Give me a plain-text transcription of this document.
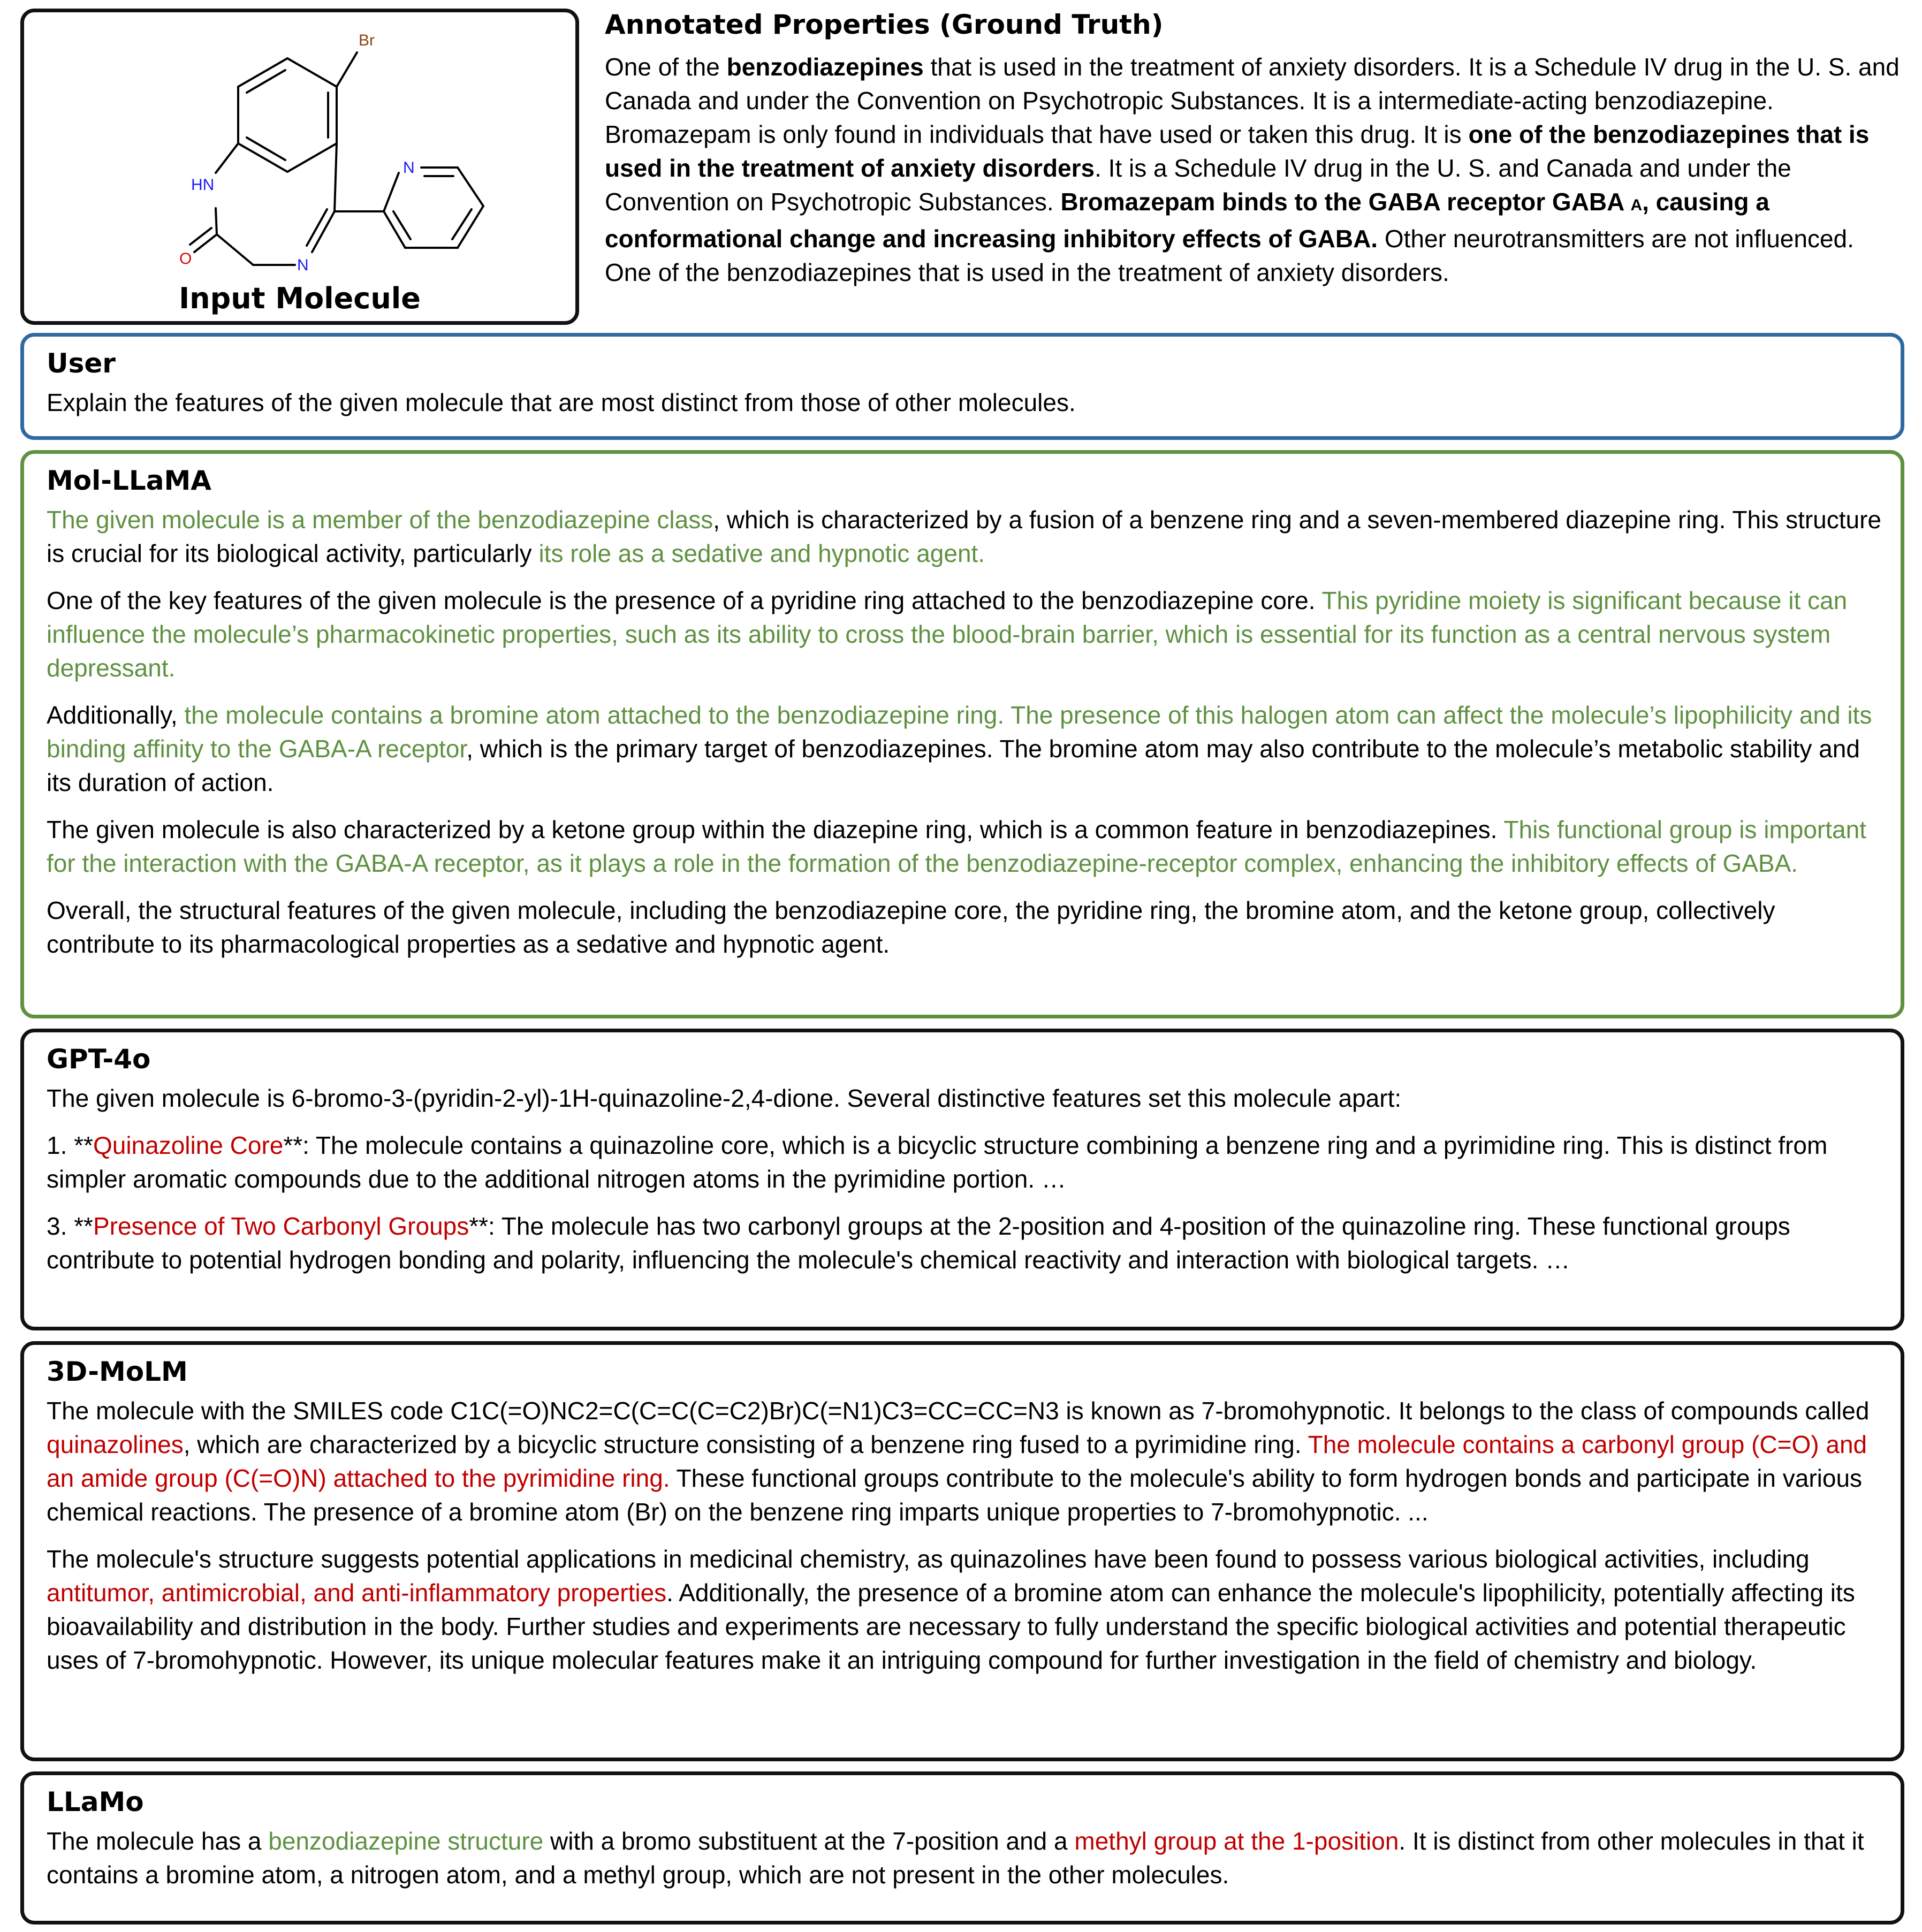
Br
HN
O	N
N
Input Molecule
Annotated Properties (Ground Truth)
One of the benzodiazepines that is used in the treatment of anxiety disorders. It is a Schedule IV drug in the U. S. and Canada and under the Convention on Psychotropic Substances. It is a intermediate-acting benzodiazepine. Bromazepam is only found in individuals that have used or taken this drug. It is one of the benzodiazepines that is used in the treatment of anxiety disorders. It is a Schedule IV drug in the U. S. and Canada and under the Convention on Psychotropic Substances. Bromazepam binds to the GABA receptor GABA A, causing a conformational change and increasing inhibitory effects of GABA. Other neurotransmitters are not influenced. One of the benzodiazepines that is used in the treatment of anxiety disorders.
User
Explain the features of the given molecule that are most distinct from those of other molecules.
Mol-LLaMA

The given molecule is a member of the benzodiazepine class, which is characterized by a fusion of a benzene ring and a seven-membered diazepine ring. This structure is crucial for its biological activity, particularly its role as a sedative and hypnotic agent.

One of the key features of the given molecule is the presence of a pyridine ring attached to the benzodiazepine core. This pyridine moiety is significant because it can influence the molecule’s pharmacokinetic properties, such as its ability to cross the blood-brain barrier, which is essential for its function as a central nervous system depressant.

Additionally, the molecule contains a bromine atom attached to the benzodiazepine ring. The presence of this halogen atom can affect the molecule’s lipophilicity and its binding affinity to the GABA-A receptor, which is the primary target of benzodiazepines. The bromine atom may also contribute to the molecule’s metabolic stability and its duration of action.

The given molecule is also characterized by a ketone group within the diazepine ring, which is a common feature in benzodiazepines. This functional group is important for the interaction with the GABA-A receptor, as it plays a role in the formation of the benzodiazepine-receptor complex, enhancing the inhibitory effects of GABA.

Overall, the structural features of the given molecule, including the benzodiazepine core, the pyridine ring, the bromine atom, and the ketone group, collectively contribute to its pharmacological properties as a sedative and hypnotic agent.

GPT-4o

The given molecule is 6-bromo-3-(pyridin-2-yl)-1H-quinazoline-2,4-dione. Several distinctive features set this molecule apart:

1. **Quinazoline Core**: The molecule contains a quinazoline core, which is a bicyclic structure combining a benzene ring and a pyrimidine ring. This is distinct from simpler aromatic compounds due to the additional nitrogen atoms in the pyrimidine portion. …

3. **Presence of Two Carbonyl Groups**: The molecule has two carbonyl groups at the 2-position and 4-position of the quinazoline ring. These functional groups contribute to potential hydrogen bonding and polarity, influencing the molecule's chemical reactivity and interaction with biological targets. …

3D-MoLM

The molecule with the SMILES code C1C(=O)NC2=C(C=C(C=C2)Br)C(=N1)C3=CC=CC=N3 is known as 7-bromohypnotic. It belongs to the class of compounds called quinazolines, which are characterized by a bicyclic structure consisting of a benzene ring fused to a pyrimidine ring. The molecule contains a carbonyl group (C=O) and an amide group (C(=O)N) attached to the pyrimidine ring. These functional groups contribute to the molecule's ability to form hydrogen bonds and participate in various chemical reactions. The presence of a bromine atom (Br) on the benzene ring imparts unique properties to 7-bromohypnotic. ...

The molecule's structure suggests potential applications in medicinal chemistry, as quinazolines have been found to possess various biological activities, including antitumor, antimicrobial, and anti-inflammatory properties. Additionally, the presence of a bromine atom can enhance the molecule's lipophilicity, potentially affecting its bioavailability and distribution in the body. Further studies and experiments are necessary to fully understand the specific biological activities and potential therapeutic uses of 7-bromohypnotic. However, its unique molecular features make it an intriguing compound for further investigation in the field of chemistry and biology.

LLaMo

The molecule has a benzodiazepine structure with a bromo substituent at the 7-position and a methyl group at the 1-position. It is distinct from other molecules in that it contains a bromine atom, a nitrogen atom, and a methyl group, which are not present in the other molecules.
